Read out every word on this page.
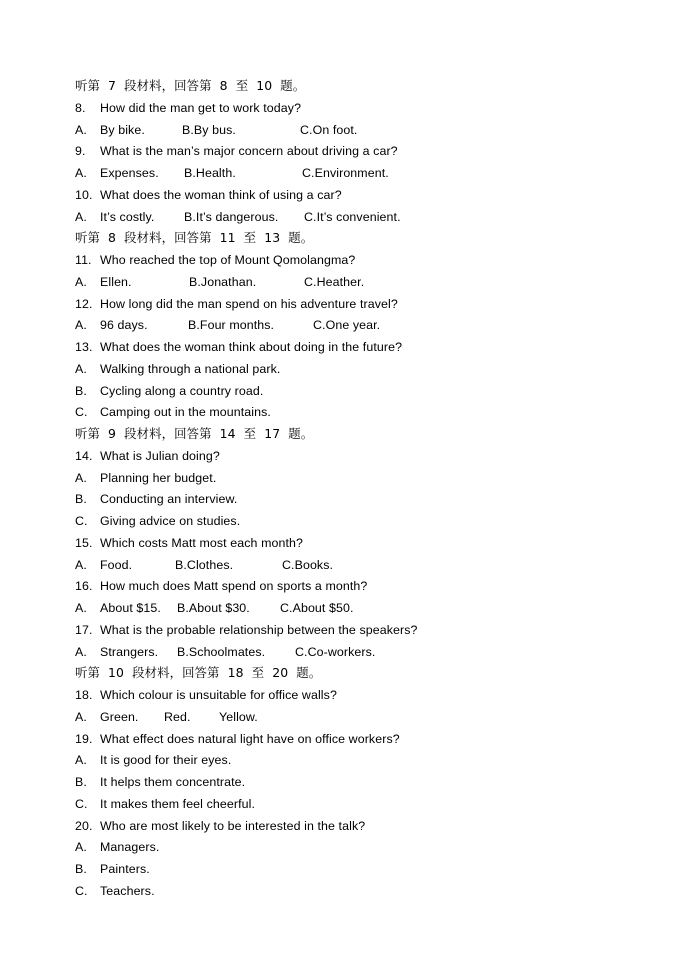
听第  7  段材料，回答第  8  至  10  题。
8. How did the man get to work today?
A. By bike.	B.By bus.	C.On foot.
9. What is the man’s major concern about driving a car?
A. Expenses. B.Health.	C.Environment.
10. What does the woman think of using a car?
A. It’s costly. B.It’s dangerous. C.It’s convenient.
听第  8  段材料，回答第  11  至  13  题。
11. Who reached the top of Mount Qomolangma?
A. Ellen.	B.Jonathan.	C.Heather.
12. How long did the man spend on his adventure travel?
A. 96 days.	B.Four months.	C.One year.
13. What does the woman think about doing in the future?
A. Walking through a national park.
B. Cycling along a country road.
C. Camping out in the mountains.
听第  9  段材料，回答第  14  至  17  题。
14. What is Julian doing?
A. Planning her budget.
B. Conducting an interview.
C. Giving advice on studies.
15. Which costs Matt most each month?
A. Food.	B.Clothes.	C.Books.
16. How much does Matt spend on sports a month?
A. About $15. B.About $30. C.About $50.
17. What is the probable relationship between the speakers?
A. Strangers. B.Schoolmates. C.Co-workers.
听第  10  段材料，回答第  18  至  20  题。
18. Which colour is unsuitable for office walls?
A. Green. Red. Yellow.
19. What effect does natural light have on office workers?
A. It is good for their eyes.
B. It helps them concentrate.
C. It makes them feel cheerful.
20. Who are most likely to be interested in the talk?
A. Managers.
B. Painters.
C. Teachers.
